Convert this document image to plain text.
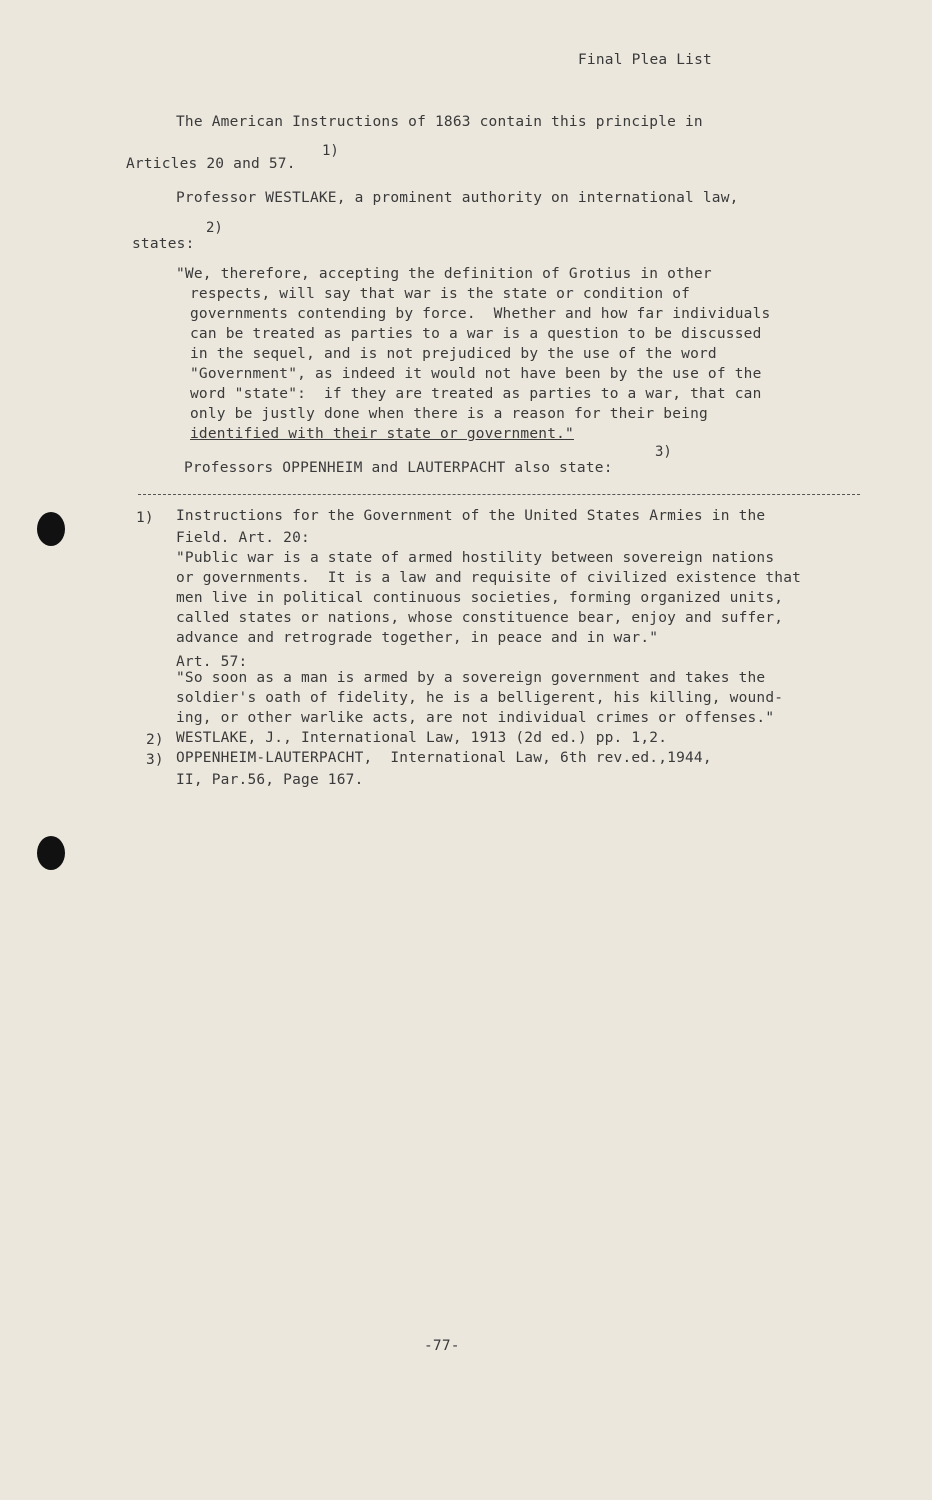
Final Plea List
The American Instructions of 1863 contain this principle in
Articles 20 and 57.
1)
Professor WESTLAKE, a prominent authority on international law,
states:
2)
"We, therefore, accepting the definition of Grotius in other
respects, will say that war is the state or condition of
governments contending by force.  Whether and how far individuals
can be treated as parties to a war is a question to be discussed
in the sequel, and is not prejudiced by the use of the word
"Government", as indeed it would not have been by the use of the
word "state":  if they are treated as parties to a war, that can
only be justly done when there is a reason for their being
identified with their state or government."
Professors OPPENHEIM and LAUTERPACHT also state:
3)
1) Instructions for the Government of the United States Armies in the
Field. Art. 20:
"Public war is a state of armed hostility between sovereign nations
or governments.  It is a law and requisite of civilized existence that
men live in political continuous societies, forming organized units,
called states or nations, whose constituence bear, enjoy and suffer,
advance and retrograde together, in peace and in war."
Art. 57:
"So soon as a man is armed by a sovereign government and takes the
soldier's oath of fidelity, he is a belligerent, his killing, wound-
ing, or other warlike acts, are not individual crimes or offenses."
2) WESTLAKE, J., International Law, 1913 (2d ed.) pp. 1,2.
3) OPPENHEIM-LAUTERPACHT,  International Law, 6th rev.ed.,1944,
II, Par.56, Page 167.
-77-
